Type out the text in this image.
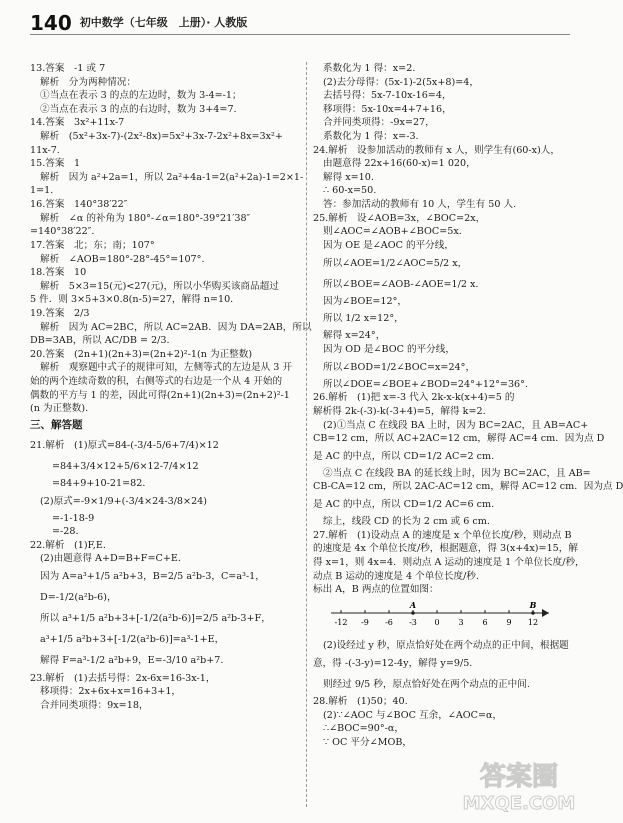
140 初中数学（七年级　上册）· 人教版
13.答案　-1 或 7
解析　分为两种情况：
①当点在表示 3 的点的左边时，数为 3-4=-1；
②当点在表示 3 的点的右边时，数为 3+4=7.
14.答案　3x²+11x-7
解析　(5x²+3x-7)-(2x²-8x)=5x²+3x-7-2x²+8x=3x²+
11x-7.
15.答案　1
解析　因为 a²+2a=1，所以 2a²+4a-1=2(a²+2a)-1=2×1-
1=1.
16.答案　140°38′22″
解析　∠α 的补角为 180°-∠α=180°-39°21′38″
=140°38′22″.
17.答案　北；东；南；107°
解析　∠AOB=180°-28°-45°=107°.
18.答案　10
解析　5×3=15(元)<27(元)，所以小华购买该商品超过
5 件．则 3×5+3×0.8(n-5)=27，解得 n=10.
19.答案　2/3
解析　因为 AC=2BC，所以 AC=2AB．因为 DA=2AB，所以
DB=3AB，所以 AC/DB = 2/3.
20.答案　(2n+1)(2n+3)=(2n+2)²-1(n 为正整数)
解析　观察题中式子的规律可知，左侧等式的左边是从 3 开
始的两个连续奇数的积，右侧等式的右边是一个从 4 开始的
偶数的平方与 1 的差，因此可得(2n+1)(2n+3)=(2n+2)²-1
(n 为正整数).
三、解答题
21.解析　(1)原式=84-(-3/4-5/6+7/4)×12
=84+3/4×12+5/6×12-7/4×12
=84+9+10-21=82.
(2)原式=-9×1/9+(-3/4×24-3/8×24)
=-1-18-9
=-28.
22.解析　(1)F,E.
(2)由题意得 A+D=B+F=C+E．
因为 A=a³+1/5 a²b+3，B=2/5 a²b-3，C=a³-1，
D=-1/2(a²b-6)，
所以 a³+1/5 a²b+3+[-1/2(a²b-6)]=2/5 a²b-3+F，
a³+1/5 a²b+3+[-1/2(a²b-6)]=a³-1+E，
解得 F=a³-1/2 a²b+9，E=-3/10 a²b+7.
23.解析　(1)去括号得：2x-6x=16-3x-1，
移项得：2x+6x+x=16+3+1，
合并同类项得：9x=18，
系数化为 1 得：x=2.
(2)去分母得：(5x-1)-2(5x+8)=4，
去括号得：5x-7-10x-16=4，
移项得：5x-10x=4+7+16，
合并同类项得：-9x=27，
系数化为 1 得：x=-3.
24.解析　设参加活动的教师有 x 人，则学生有(60-x)人，
由题意得 22x+16(60-x)=1 020，
解得 x=10.
∴ 60-x=50.
答：参加活动的教师有 10 人，学生有 50 人.
25.解析　设∠AOB=3x，∠BOC=2x，
则∠AOC=∠AOB+∠BOC=5x.
因为 OE 是∠AOC 的平分线，
所以∠AOE=1/2∠AOC=5/2 x，
所以∠BOE=∠AOB-∠AOE=1/2 x.
因为∠BOE=12°，
所以 1/2 x=12°，
解得 x=24°，
因为 OD 是∠BOC 的平分线，
所以∠BOD=1/2∠BOC=x=24°，
所以∠DOE=∠BOE+∠BOD=24°+12°=36°.
26.解析　(1)把 x=-3 代入 2k-x-k(x+4)=5 的
解析得 2k-(-3)-k(-3+4)=5，解得 k=2.
(2)①当点 C 在线段 BA 上时，因为 BC=2AC，且 AB=AC+
CB=12 cm，所以 AC+2AC=12 cm，解得 AC=4 cm．因为点 D
是 AC 的中点，所以 CD=1/2 AC=2 cm.
②当点 C 在线段 BA 的延长线上时，因为 BC=2AC，且 AB=
CB-CA=12 cm，所以 2AC-AC=12 cm，解得 AC=12 cm．因为点 D
是 AC 的中点，所以 CD=1/2 AC=6 cm.
综上，线段 CD 的长为 2 cm 或 6 cm.
27.解析　(1)设动点 A 的速度是 x 个单位长度/秒，则动点 B
的速度是 4x 个单位长度/秒，根据题意，得 3(x+4x)=15，解
得 x=1，则 4x=4．则动点 A 运动的速度是 1 个单位长度/秒，
动点 B 运动的速度是 4 个单位长度/秒.
标出 A，B 两点的位置如图：
-12 -9 -6 -3 0 3 6 9 12
A	B
(2)设经过 y 秒，原点恰好处在两个动点的正中间，根据题
意，得 -(-3-y)=12-4y，解得 y=9/5.
则经过 9/5 秒，原点恰好处在两个动点的正中间.
28.解析　(1)50；40.
(2)∵∠AOC 与∠BOC 互余，∠AOC=α，
∴∠BOC=90°-α，
∵ OC 平分∠MOB，
答案圈
MXQE.COM
